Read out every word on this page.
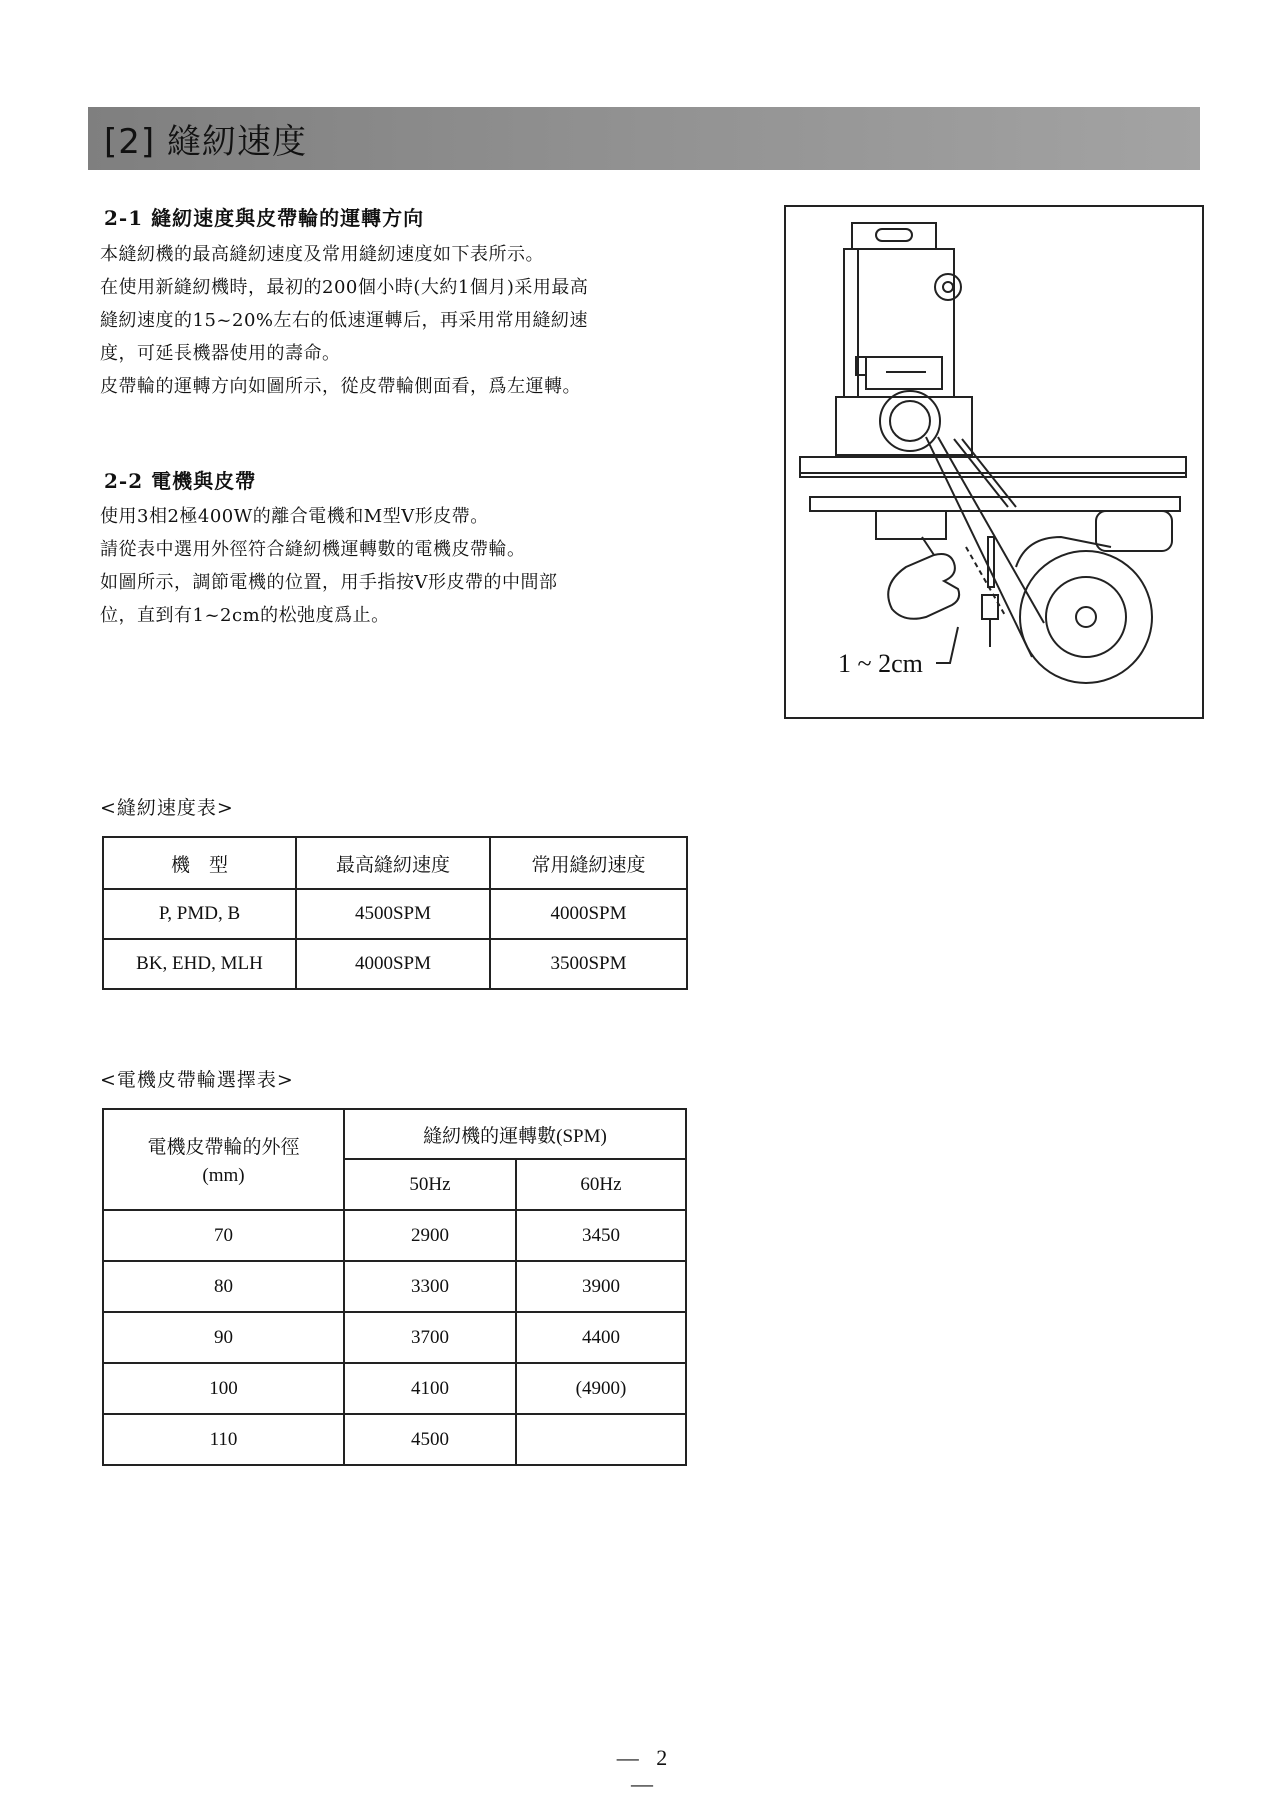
[2] 縫紉速度
2-1 縫紉速度與皮帶輪的運轉方向

本縫紉機的最高縫紉速度及常用縫紉速度如下表所示。

在使用新縫紉機時，最初的200個小時(大約1個月)采用最高

縫紉速度的15~20%左右的低速運轉后，再采用常用縫紉速

度，可延長機器使用的壽命。

皮帶輪的運轉方向如圖所示，從皮帶輪側面看，爲左運轉。

2-2 電機與皮帶

使用3相2極400W的離合電機和M型V形皮帶。

請從表中選用外徑符合縫紉機運轉數的電機皮帶輪。

如圖所示，調節電機的位置，用手指按V形皮帶的中間部

位，直到有1~2cm的松弛度爲止。

1 ~ 2cm
<縫紉速度表>
機　型	最高縫紉速度	常用縫紉速度
P, PMD, B	4500SPM	4000SPM
BK, EHD, MLH	4000SPM	3500SPM
<電機皮帶輪選擇表>
電機皮帶輪的外徑
(mm)	縫紉機的運轉數(SPM)	
	50Hz	60Hz
70	2900	3450
80	3300	3900
90	3700	4400
100	4100	(4900)
110	4500	
— 2 —
